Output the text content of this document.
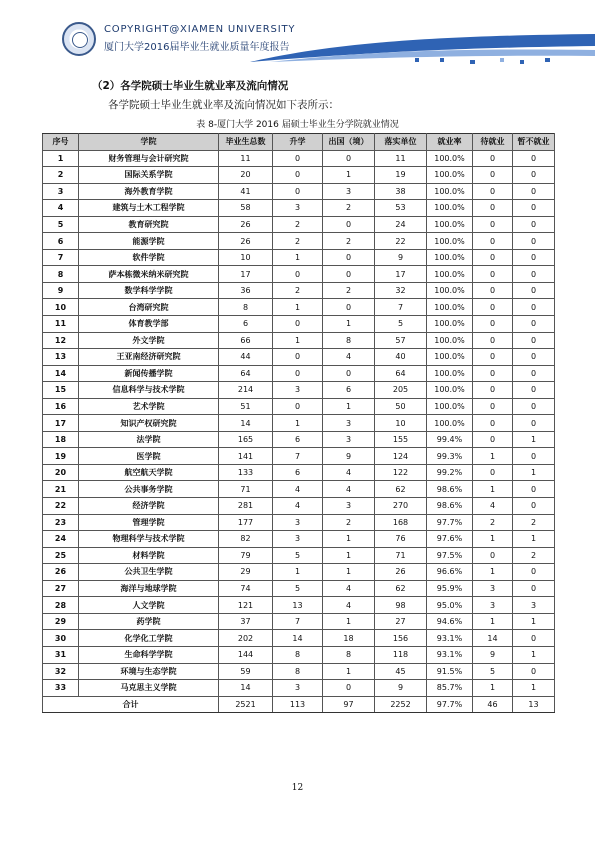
COPYRIGHT@XIAMEN UNIVERSITY
厦门大学2016届毕业生就业质量年度报告
（2）各学院硕士毕业生就业率及流向情况
各学院硕士毕业生就业率及流向情况如下表所示：
表 8-厦门大学 2016 届硕士毕业生分学院就业情况
序号	学院	毕业生总数	升学	出国（境）	落实单位	就业率	待就业	暂不就业
1	财务管理与会计研究院	11	0	0	11	100.0%	0	0
2	国际关系学院	20	0	1	19	100.0%	0	0
3	海外教育学院	41	0	3	38	100.0%	0	0
4	建筑与土木工程学院	58	3	2	53	100.0%	0	0
5	教育研究院	26	2	0	24	100.0%	0	0
6	能源学院	26	2	2	22	100.0%	0	0
7	软件学院	10	1	0	9	100.0%	0	0
8	萨本栋微米纳米研究院	17	0	0	17	100.0%	0	0
9	数学科学学院	36	2	2	32	100.0%	0	0
10	台湾研究院	8	1	0	7	100.0%	0	0
11	体育教学部	6	0	1	5	100.0%	0	0
12	外文学院	66	1	8	57	100.0%	0	0
13	王亚南经济研究院	44	0	4	40	100.0%	0	0
14	新闻传播学院	64	0	0	64	100.0%	0	0
15	信息科学与技术学院	214	3	6	205	100.0%	0	0
16	艺术学院	51	0	1	50	100.0%	0	0
17	知识产权研究院	14	1	3	10	100.0%	0	0
18	法学院	165	6	3	155	99.4%	0	1
19	医学院	141	7	9	124	99.3%	1	0
20	航空航天学院	133	6	4	122	99.2%	0	1
21	公共事务学院	71	4	4	62	98.6%	1	0
22	经济学院	281	4	3	270	98.6%	4	0
23	管理学院	177	3	2	168	97.7%	2	2
24	物理科学与技术学院	82	3	1	76	97.6%	1	1
25	材料学院	79	5	1	71	97.5%	0	2
26	公共卫生学院	29	1	1	26	96.6%	1	0
27	海洋与地球学院	74	5	4	62	95.9%	3	0
28	人文学院	121	13	4	98	95.0%	3	3
29	药学院	37	7	1	27	94.6%	1	1
30	化学化工学院	202	14	18	156	93.1%	14	0
31	生命科学学院	144	8	8	118	93.1%	9	1
32	环境与生态学院	59	8	1	45	91.5%	5	0
33	马克思主义学院	14	3	0	9	85.7%	1	1
合计		2521	113	97	2252	97.7%	46	13
12
